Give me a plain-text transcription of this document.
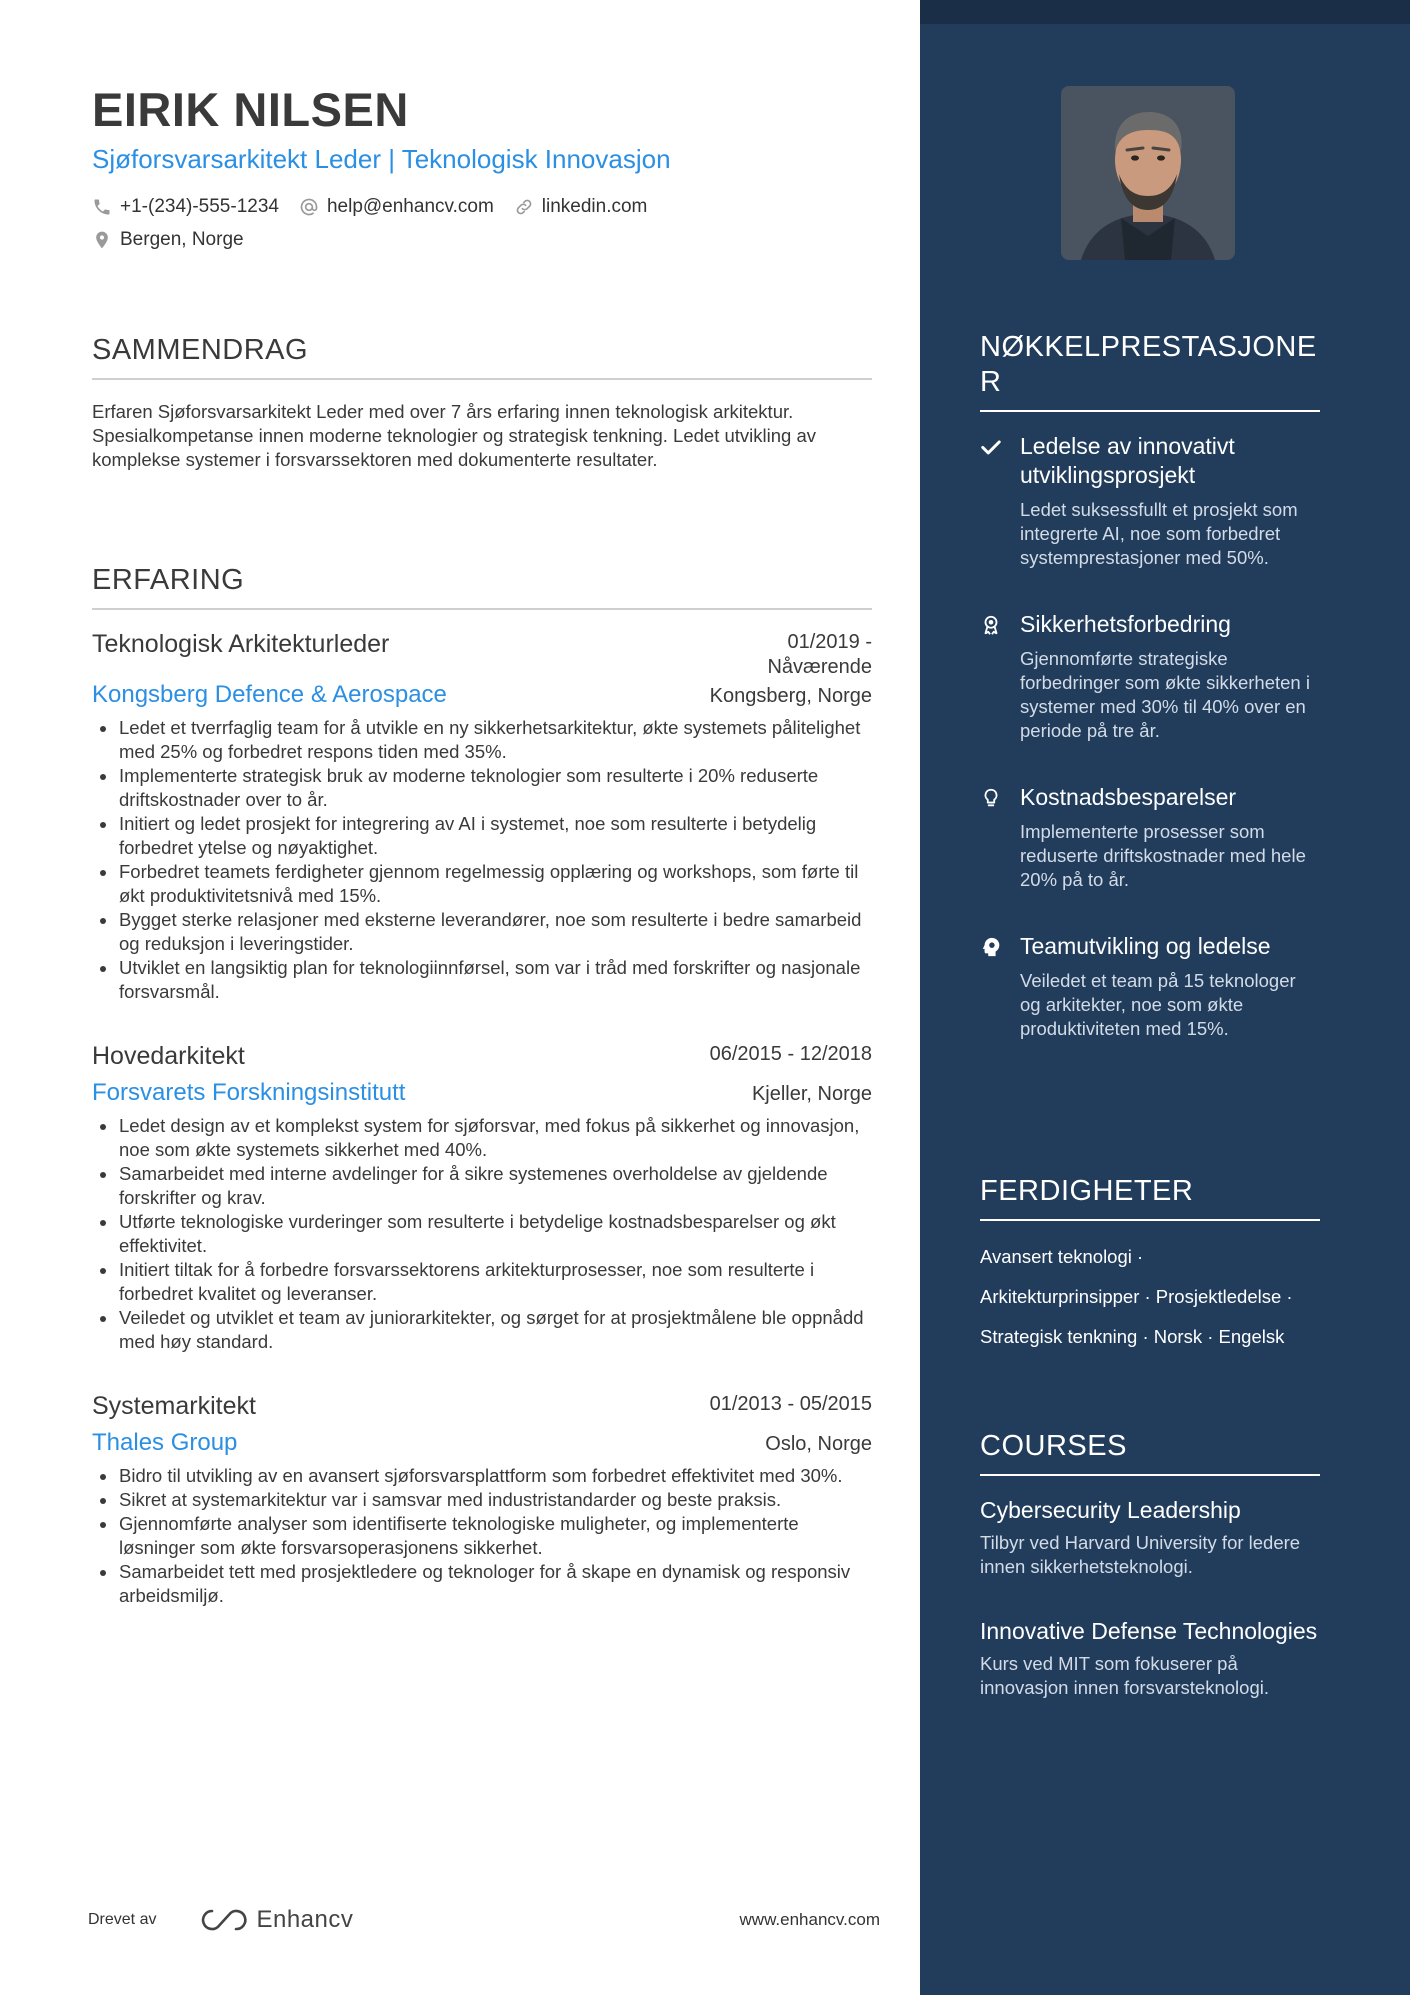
EIRIK NILSEN
Sjøforsvarsarkitekt Leder | Teknologisk Innovasjon
+1-(234)-555-1234	help@enhancv.com	linkedin.com
Bergen, Norge
SAMMENDRAG
Erfaren Sjøforsvarsarkitekt Leder med over 7 års erfaring innen teknologisk arkitektur. Spesialkompetanse innen moderne teknologier og strategisk tenkning. Ledet utvikling av komplekse systemer i forsvarssektoren med dokumenterte resultater.
ERFARING
Teknologisk Arkitekturleder	01/2019 -
Nåværende
Kongsberg Defence & Aerospace	Kongsberg, Norge
Ledet et tverrfaglig team for å utvikle en ny sikkerhetsarkitektur, økte systemets pålitelighet med 25% og forbedret respons tiden med 35%.
Implementerte strategisk bruk av moderne teknologier som resulterte i 20% reduserte driftskostnader over to år.
Initiert og ledet prosjekt for integrering av AI i systemet, noe som resulterte i betydelig forbedret ytelse og nøyaktighet.
Forbedret teamets ferdigheter gjennom regelmessig opplæring og workshops, som førte til økt produktivitetsnivå med 15%.
Bygget sterke relasjoner med eksterne leverandører, noe som resulterte i bedre samarbeid og reduksjon i leveringstider.
Utviklet en langsiktig plan for teknologiinnførsel, som var i tråd med forskrifter og nasjonale forsvarsmål.
Hovedarkitekt	06/2015 - 12/2018
Forsvarets Forskningsinstitutt	Kjeller, Norge
Ledet design av et komplekst system for sjøforsvar, med fokus på sikkerhet og innovasjon, noe som økte systemets sikkerhet med 40%.
Samarbeidet med interne avdelinger for å sikre systemenes overholdelse av gjeldende forskrifter og krav.
Utførte teknologiske vurderinger som resulterte i betydelige kostnadsbesparelser og økt effektivitet.
Initiert tiltak for å forbedre forsvarssektorens arkitekturprosesser, noe som resulterte i forbedret kvalitet og leveranser.
Veiledet og utviklet et team av juniorarkitekter, og sørget for at prosjektmålene ble oppnådd med høy standard.
Systemarkitekt	01/2013 - 05/2015
Thales Group	Oslo, Norge
Bidro til utvikling av en avansert sjøforsvarsplattform som forbedret effektivitet med 30%.
Sikret at systemarkitektur var i samsvar med industristandarder og beste praksis.
Gjennomførte analyser som identifiserte teknologiske muligheter, og implementerte løsninger som økte forsvarsoperasjonens sikkerhet.
Samarbeidet tett med prosjektledere og teknologer for å skape en dynamisk og responsiv arbeidsmiljø.
Drevet av	Enhancv	www.enhancv.com
NØKKELPRESTASJONER
Ledelse av innovativt utviklingsprosjekt
Ledet suksessfullt et prosjekt som integrerte AI, noe som forbedret systemprestasjoner med 50%.
Sikkerhetsforbedring
Gjennomførte strategiske forbedringer som økte sikkerheten i systemer med 30% til 40% over en periode på tre år.
Kostnadsbesparelser
Implementerte prosesser som reduserte driftskostnader med hele 20% på to år.
Teamutvikling og ledelse
Veiledet et team på 15 teknologer og arkitekter, noe som økte produktiviteten med 15%.
FERDIGHETER
Avansert teknologi ·
Arkitekturprinsipper · Prosjektledelse ·
Strategisk tenkning · Norsk · Engelsk
COURSES
Cybersecurity Leadership
Tilbyr ved Harvard University for ledere innen sikkerhetsteknologi.
Innovative Defense Technologies
Kurs ved MIT som fokuserer på innovasjon innen forsvarsteknologi.
